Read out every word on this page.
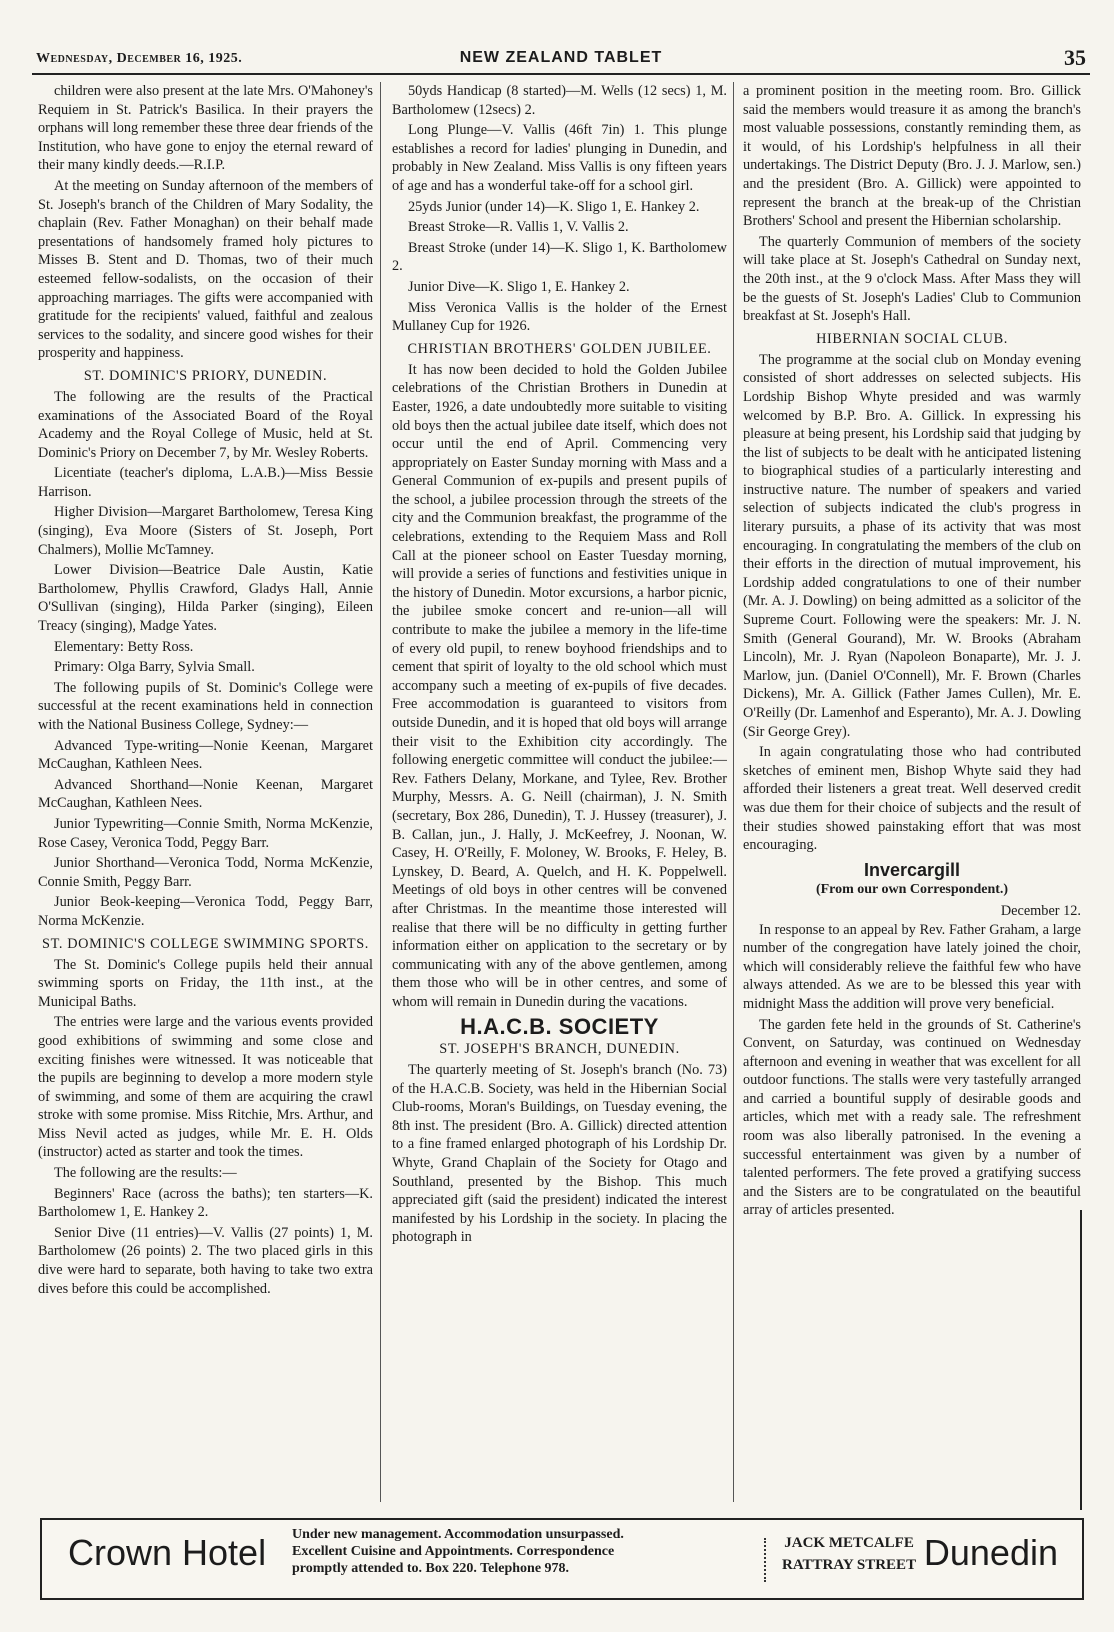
Wednesday, December 16, 1925.	NEW ZEALAND TABLET	35

children were also present at the late Mrs. O'Mahoney's Requiem in St. Patrick's Basilica. In their prayers the orphans will long remember these three dear friends of the Institution, who have gone to enjoy the eternal reward of their many kindly deeds.—R.I.P.

At the meeting on Sunday afternoon of the members of St. Joseph's branch of the Children of Mary Sodality, the chaplain (Rev. Father Monaghan) on their behalf made presentations of handsomely framed holy pictures to Misses B. Stent and D. Thomas, two of their much esteemed fellow-sodalists, on the occasion of their approaching marriages. The gifts were accompanied with gratitude for the recipients' valued, faithful and zealous services to the sodality, and sincere good wishes for their prosperity and happiness.

ST. DOMINIC'S PRIORY, DUNEDIN.

The following are the results of the Practical examinations of the Associated Board of the Royal Academy and the Royal College of Music, held at St. Dominic's Priory on December 7, by Mr. Wesley Roberts.

Licentiate (teacher's diploma, L.A.B.)—Miss Bessie Harrison.

Higher Division—Margaret Bartholomew, Teresa King (singing), Eva Moore (Sisters of St. Joseph, Port Chalmers), Mollie McTamney.

Lower Division—Beatrice Dale Austin, Katie Bartholomew, Phyllis Crawford, Gladys Hall, Annie O'Sullivan (singing), Hilda Parker (singing), Eileen Treacy (singing), Madge Yates.

Elementary: Betty Ross.

Primary: Olga Barry, Sylvia Small.

The following pupils of St. Dominic's College were successful at the recent examinations held in connection with the National Business College, Sydney:—

Advanced Type-writing—Nonie Keenan, Margaret McCaughan, Kathleen Nees.

Advanced Shorthand—Nonie Keenan, Margaret McCaughan, Kathleen Nees.

Junior Typewriting—Connie Smith, Norma McKenzie, Rose Casey, Veronica Todd, Peggy Barr.

Junior Shorthand—Veronica Todd, Norma McKenzie, Connie Smith, Peggy Barr.

Junior Beok-keeping—Veronica Todd, Peggy Barr, Norma McKenzie.

ST. DOMINIC'S COLLEGE SWIMMING SPORTS.

The St. Dominic's College pupils held their annual swimming sports on Friday, the 11th inst., at the Municipal Baths.

The entries were large and the various events provided good exhibitions of swimming and some close and exciting finishes were witnessed. It was noticeable that the pupils are beginning to develop a more modern style of swimming, and some of them are acquiring the crawl stroke with some promise. Miss Ritchie, Mrs. Arthur, and Miss Nevil acted as judges, while Mr. E. H. Olds (instructor) acted as starter and took the times.

The following are the results:—

Beginners' Race (across the baths); ten starters—K. Bartholomew 1, E. Hankey 2.

Senior Dive (11 entries)—V. Vallis (27 points) 1, M. Bartholomew (26 points) 2. The two placed girls in this dive were hard to separate, both having to take two extra dives before this could be accomplished.

50yds Handicap (8 started)—M. Wells (12 secs) 1, M. Bartholomew (12secs) 2.

Long Plunge—V. Vallis (46ft 7in) 1. This plunge establishes a record for ladies' plunging in Dunedin, and probably in New Zealand. Miss Vallis is ony fifteen years of age and has a wonderful take-off for a school girl.

25yds Junior (under 14)—K. Sligo 1, E. Hankey 2.

Breast Stroke—R. Vallis 1, V. Vallis 2.

Breast Stroke (under 14)—K. Sligo 1, K. Bartholomew 2.

Junior Dive—K. Sligo 1, E. Hankey 2.

Miss Veronica Vallis is the holder of the Ernest Mullaney Cup for 1926.

CHRISTIAN BROTHERS' GOLDEN JUBILEE.

It has now been decided to hold the Golden Jubilee celebrations of the Christian Brothers in Dunedin at Easter, 1926, a date undoubtedly more suitable to visiting old boys then the actual jubilee date itself, which does not occur until the end of April. Commencing very appropriately on Easter Sunday morning with Mass and a General Communion of ex-pupils and present pupils of the school, a jubilee procession through the streets of the city and the Communion breakfast, the programme of the celebrations, extending to the Requiem Mass and Roll Call at the pioneer school on Easter Tuesday morning, will provide a series of functions and festivities unique in the history of Dunedin. Motor excursions, a harbor picnic, the jubilee smoke concert and re-union—all will contribute to make the jubilee a memory in the life-time of every old pupil, to renew boyhood friendships and to cement that spirit of loyalty to the old school which must accompany such a meeting of ex-pupils of five decades. Free accommodation is guaranteed to visitors from outside Dunedin, and it is hoped that old boys will arrange their visit to the Exhibition city accordingly. The following energetic committee will conduct the jubilee:—Rev. Fathers Delany, Morkane, and Tylee, Rev. Brother Murphy, Messrs. A. G. Neill (chairman), J. N. Smith (secretary, Box 286, Dunedin), T. J. Hussey (treasurer), J. B. Callan, jun., J. Hally, J. McKeefrey, J. Noonan, W. Casey, H. O'Reilly, F. Moloney, W. Brooks, F. Heley, B. Lynskey, D. Beard, A. Quelch, and H. K. Poppelwell. Meetings of old boys in other centres will be convened after Christmas. In the meantime those interested will realise that there will be no difficulty in getting further information either on application to the secretary or by communicating with any of the above gentlemen, among them those who will be in other centres, and some of whom will remain in Dunedin during the vacations.

H.A.C.B. SOCIETY
ST. JOSEPH'S BRANCH, DUNEDIN.

The quarterly meeting of St. Joseph's branch (No. 73) of the H.A.C.B. Society, was held in the Hibernian Social Club-rooms, Moran's Buildings, on Tuesday evening, the 8th inst. The president (Bro. A. Gillick) directed attention to a fine framed enlarged photograph of his Lordship Dr. Whyte, Grand Chaplain of the Society for Otago and Southland, presented by the Bishop. This much appreciated gift (said the president) indicated the interest manifested by his Lordship in the society. In placing the photograph in

a prominent position in the meeting room. Bro. Gillick said the members would treasure it as among the branch's most valuable possessions, constantly reminding them, as it would, of his Lordship's helpfulness in all their undertakings. The District Deputy (Bro. J. J. Marlow, sen.) and the president (Bro. A. Gillick) were appointed to represent the branch at the break-up of the Christian Brothers' School and present the Hibernian scholarship.

The quarterly Communion of members of the society will take place at St. Joseph's Cathedral on Sunday next, the 20th inst., at the 9 o'clock Mass. After Mass they will be the guests of St. Joseph's Ladies' Club to Communion breakfast at St. Joseph's Hall.

HIBERNIAN SOCIAL CLUB.

The programme at the social club on Monday evening consisted of short addresses on selected subjects. His Lordship Bishop Whyte presided and was warmly welcomed by B.P. Bro. A. Gillick. In expressing his pleasure at being present, his Lordship said that judging by the list of subjects to be dealt with he anticipated listening to biographical studies of a particularly interesting and instructive nature. The number of speakers and varied selection of subjects indicated the club's progress in literary pursuits, a phase of its activity that was most encouraging. In congratulating the members of the club on their efforts in the direction of mutual improvement, his Lordship added congratulations to one of their number (Mr. A. J. Dowling) on being admitted as a solicitor of the Supreme Court. Following were the speakers: Mr. J. N. Smith (General Gourand), Mr. W. Brooks (Abraham Lincoln), Mr. J. Ryan (Napoleon Bonaparte), Mr. J. J. Marlow, jun. (Daniel O'Connell), Mr. F. Brown (Charles Dickens), Mr. A. Gillick (Father James Cullen), Mr. E. O'Reilly (Dr. Lamenhof and Esperanto), Mr. A. J. Dowling (Sir George Grey).

In again congratulating those who had contributed sketches of eminent men, Bishop Whyte said they had afforded their listeners a great treat. Well deserved credit was due them for their choice of subjects and the result of their studies showed painstaking effort that was most encouraging.

Invercargill
(From our own Correspondent.)
December 12.

In response to an appeal by Rev. Father Graham, a large number of the congregation have lately joined the choir, which will considerably relieve the faithful few who have always attended. As we are to be blessed this year with midnight Mass the addition will prove very beneficial.

The garden fete held in the grounds of St. Catherine's Convent, on Saturday, was continued on Wednesday afternoon and evening in weather that was excellent for all outdoor functions. The stalls were very tastefully arranged and carried a bountiful supply of desirable goods and articles, which met with a ready sale. The refreshment room was also liberally patronised. In the evening a successful entertainment was given by a number of talented performers. The fete proved a gratifying success and the Sisters are to be congratulated on the beautiful array of articles presented.

Crown Hotel Under new management. Accommodation unsurpassed.
Excellent Cuisine and Appointments. Correspondence
promptly attended to. Box 220. Telephone 978.
JACK METCALFE
RATTRAY STREET Dunedin
